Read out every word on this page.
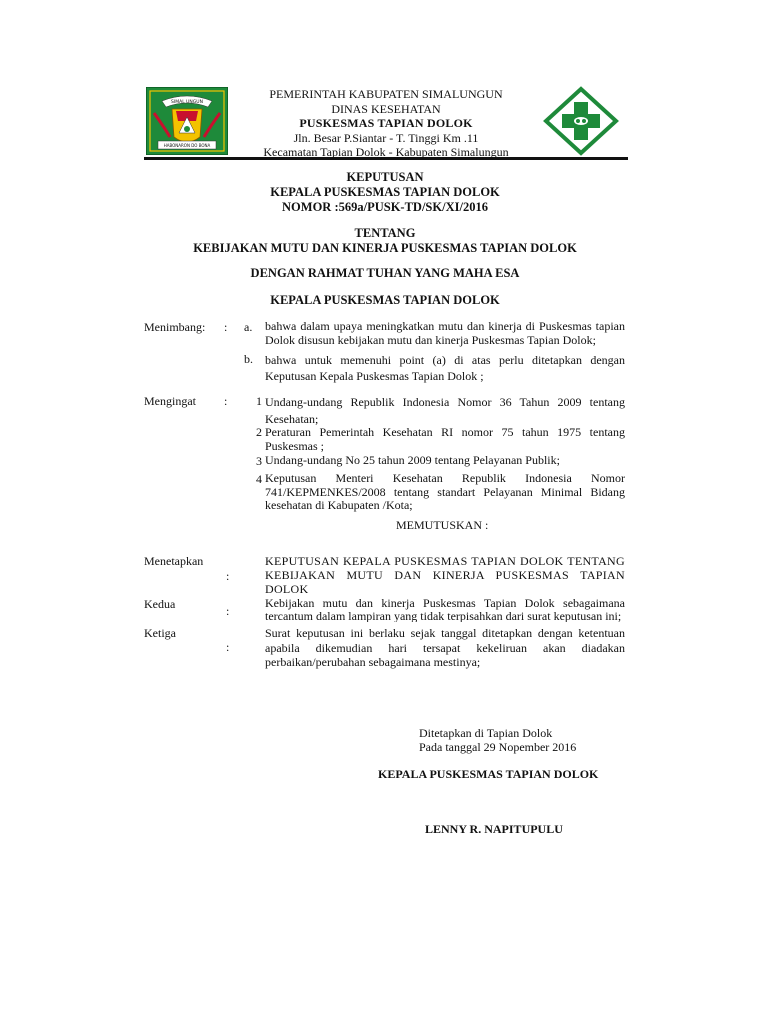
SIMAL UNGUN
HABONARON DO BONA
PEMERINTAH KABUPATEN SIMALUNGUN
DINAS KESEHATAN
PUSKESMAS TAPIAN DOLOK
Jln. Besar P.Siantar - T. Tinggi Km .11
Kecamatan Tapian Dolok - Kabupaten Simalungun
KEPUTUSAN
KEPALA PUSKESMAS TAPIAN DOLOK
NOMOR :569a/PUSK-TD/SK/XI/2016
TENTANG
KEBIJAKAN MUTU DAN KINERJA PUSKESMAS TAPIAN DOLOK
DENGAN RAHMAT TUHAN YANG MAHA ESA
KEPALA PUSKESMAS TAPIAN DOLOK
Menimbang: : a. bahwa dalam upaya meningkatkan mutu dan kinerja di Puskesmas tapian Dolok disusun kebijakan mutu dan kinerja Puskesmas Tapian Dolok;
b. bahwa untuk memenuhi point (a) di atas perlu ditetapkan dengan Keputusan Kepala Puskesmas Tapian Dolok ;
Mengingat : 1 Undang-undang Republik Indonesia Nomor 36 Tahun 2009 tentang Kesehatan;
2 Peraturan Pemerintah Kesehatan RI nomor 75 tahun 1975 tentang Puskesmas ;
3 Undang-undang No 25 tahun 2009 tentang Pelayanan Publik;
4 Keputusan Menteri Kesehatan Republik Indonesia Nomor 741/KEPMENKES/2008 tentang standart Pelayanan Minimal Bidang kesehatan di Kabupaten /Kota;
MEMUTUSKAN :
Menetapkan
:
KEPUTUSAN KEPALA PUSKESMAS TAPIAN DOLOK TENTANG KEBIJAKAN MUTU DAN KINERJA PUSKESMAS TAPIAN DOLOK
Kedua	:
Kebijakan mutu dan kinerja Puskesmas Tapian Dolok sebagaimana tercantum dalam lampiran yang tidak terpisahkan dari surat keputusan ini;
Ketiga
:
Surat keputusan ini berlaku sejak tanggal ditetapkan dengan ketentuan apabila dikemudian hari tersapat kekeliruan akan diadakan perbaikan/perubahan sebagaimana mestinya;
Ditetapkan di Tapian Dolok
Pada tanggal 29 Nopember 2016
KEPALA PUSKESMAS TAPIAN DOLOK
LENNY R. NAPITUPULU
